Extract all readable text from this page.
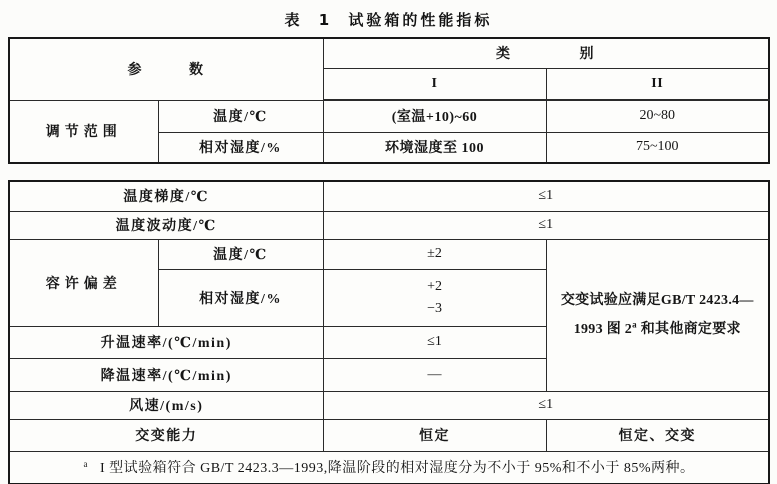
表 1 试验箱的性能指标
参 数		类 别	
		I	II
调节范围	温度/℃	(室温+10)~60	20~80
	相对湿度/%	环境湿度至 100	75~100
温度梯度/℃		≤1	
温度波动度/℃		≤1	
容许偏差	温度/℃	±2	交变试验应满足GB/T 2423.4—1993 图 2$^a$ 和其他商定要求
	相对湿度/%	+2
−3	

升温速率/(℃/min)		≤1	
降温速率/(℃/min)		—	
风速/(m/s)		≤1	
交变能力		恒定	恒定、交变
$^a$ I 型试验箱符合 GB/T 2423.3—1993,降温阶段的相对湿度分为不小于 95%和不小于 85%两种。			
